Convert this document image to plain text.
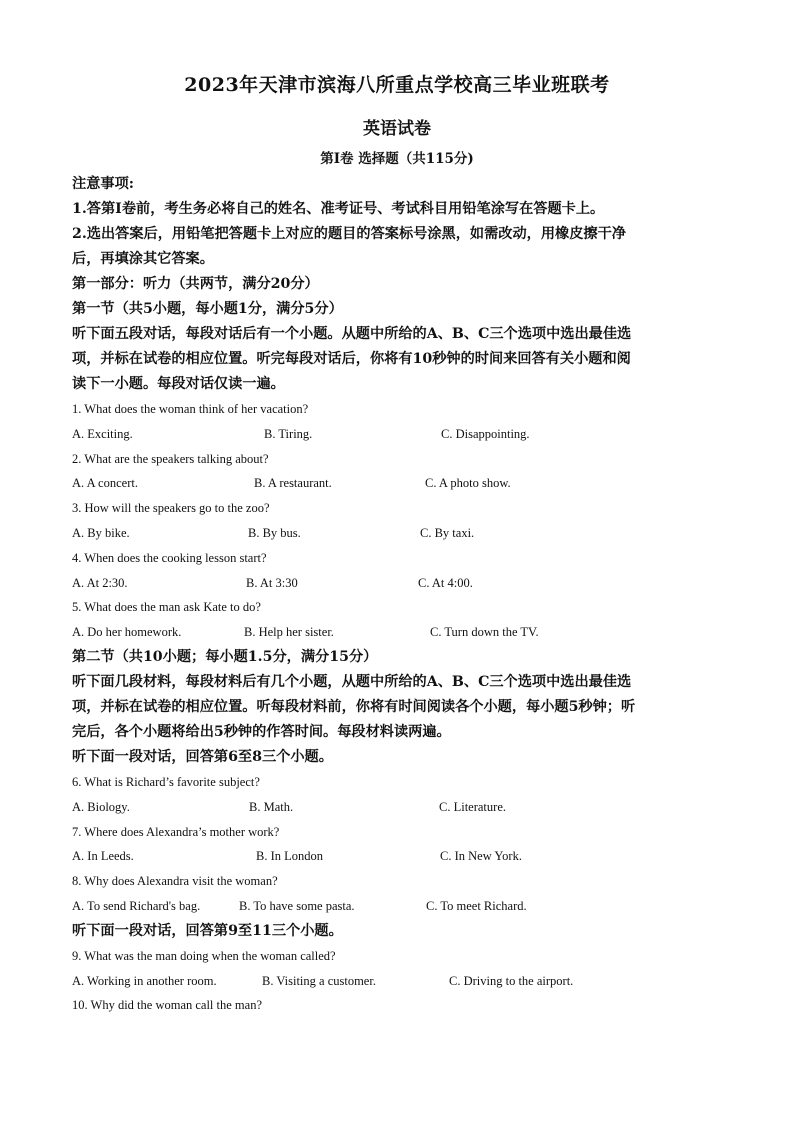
2023年天津市滨海八所重点学校高三毕业班联考
英语试卷
第Ⅰ卷 选择题（共115分)
注意事项:
1.答第Ⅰ卷前，考生务必将自己的姓名、准考证号、考试科目用铅笔涂写在答题卡上。
2.选出答案后，用铅笔把答题卡上对应的题目的答案标号涂黑，如需改动，用橡皮擦干净
后，再填涂其它答案。
第一部分：听力（共两节，满分20分）
第一节（共5小题，每小题1分，满分5分）
听下面五段对话，每段对话后有一个小题。从题中所给的A、B、C三个选项中选出最佳选
项，并标在试卷的相应位置。听完每段对话后，你将有10秒钟的时间来回答有关小题和阅
读下一小题。每段对话仅读一遍。
1. What does the woman think of her vacation?
A. Exciting.	B. Tiring.	C. Disappointing.
2. What are the speakers talking about?
A. A concert.	B. A restaurant.	C. A photo show.
3. How will the speakers go to the zoo?
A. By bike.	B. By bus.	C. By taxi.
4. When does the cooking lesson start?
A. At 2:30.	B. At 3:30	C. At 4:00.
5. What does the man ask Kate to do?
A. Do her homework.	B. Help her sister.	C. Turn down the TV.
第二节（共10小题；每小题1.5分，满分15分）
听下面几段材料，每段材料后有几个小题，从题中所给的A、B、C三个选项中选出最佳选
项，并标在试卷的相应位置。听每段材料前，你将有时间阅读各个小题，每小题5秒钟；听
完后，各个小题将给出5秒钟的作答时间。每段材料读两遍。
听下面一段对话，回答第6至8三个小题。
6. What is Richard’s favorite subject?
A. Biology.	B. Math.	C. Literature.
7. Where does Alexandra’s mother work?
A. In Leeds.	B. In London	C. In New York.
8. Why does Alexandra visit the woman?
A. To send Richard's bag.	B. To have some pasta.	C. To meet Richard.
听下面一段对话，回答第9至11三个小题。
9. What was the man doing when the woman called?
A. Working in another room.	B. Visiting a customer.	C. Driving to the airport.
10. Why did the woman call the man?
